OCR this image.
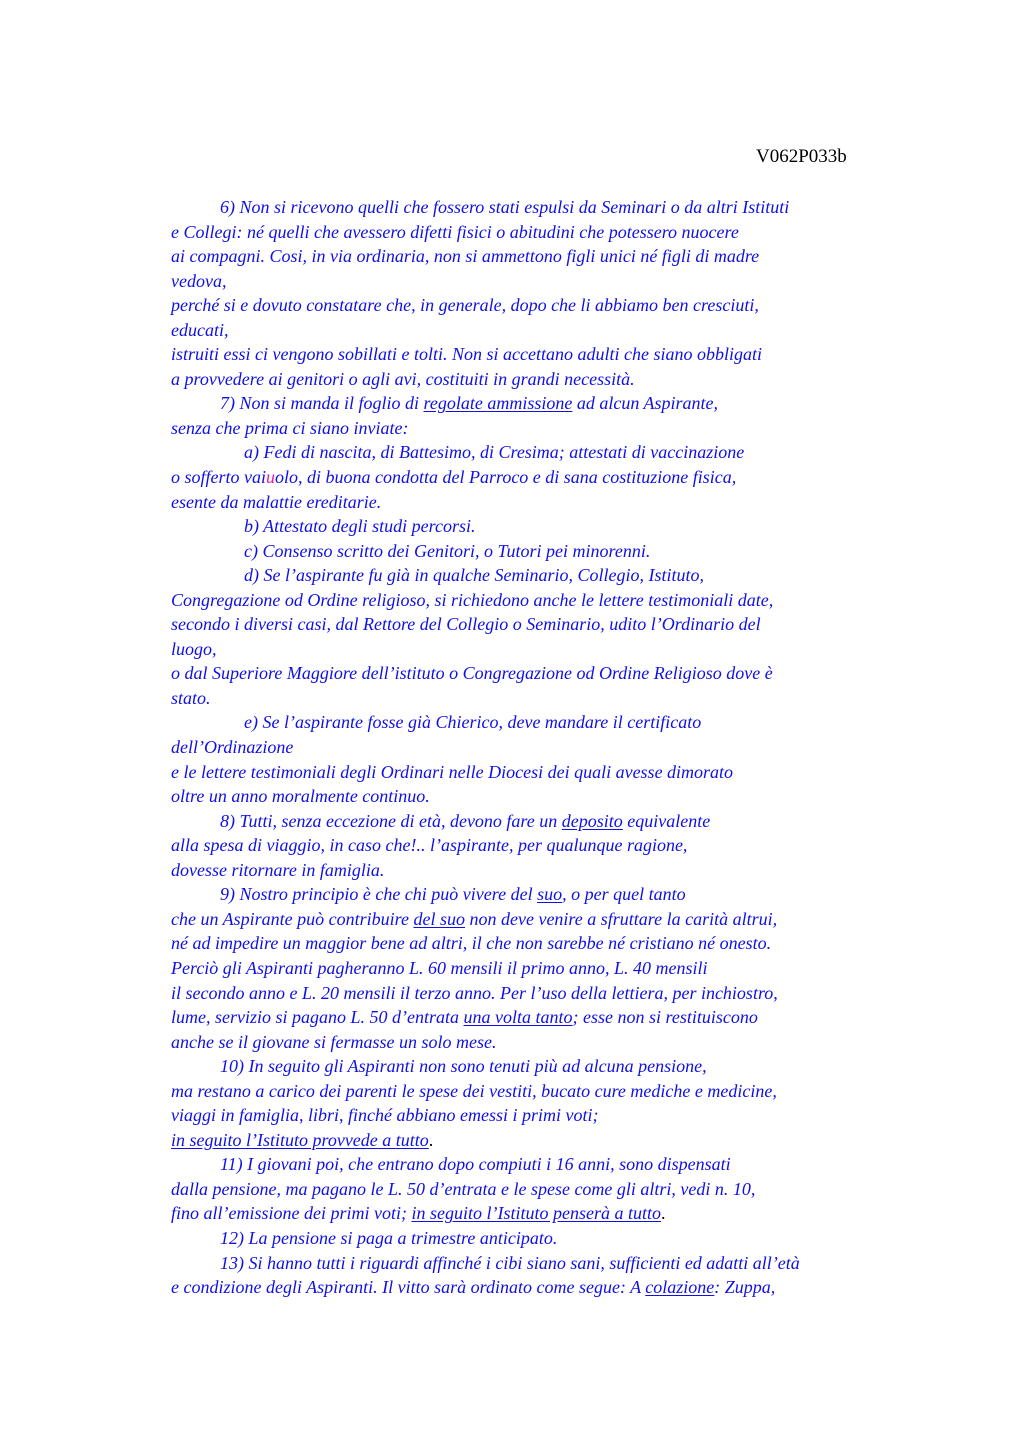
V062P033b
6) Non si ricevono quelli che fossero stati espulsi da Seminari o da altri Istituti
e Collegi: né quelli che avessero difetti fisici o abitudini che potessero nuocere
ai compagni. Cosi, in via ordinaria, non si ammettono figli unici né figli di madre
vedova,
perché si e dovuto constatare che, in generale, dopo che li abbiamo ben cresciuti,
educati,
istruiti essi ci vengono sobillati e tolti. Non si accettano adulti che siano obbligati
a provvedere ai genitori o agli avi, costituiti in grandi necessità.
7) Non si manda il foglio di regolate ammissione ad alcun Aspirante,
senza che prima ci siano inviate:
a) Fedi di nascita, di Battesimo, di Cresima; attestati di vaccinazione
o sofferto vaiuolo, di buona condotta del Parroco e di sana costituzione fisica,
esente da malattie ereditarie.
b) Attestato degli studi percorsi.
c) Consenso scritto dei Genitori, o Tutori pei minorenni.
d) Se l’aspirante fu già in qualche Seminario, Collegio, Istituto,
Congregazione od Ordine religioso, si richiedono anche le lettere testimoniali date,
secondo i diversi casi, dal Rettore del Collegio o Seminario, udito l’Ordinario del
luogo,
o dal Superiore Maggiore dell’istituto o Congregazione od Ordine Religioso dove è
stato.
e) Se l’aspirante fosse già Chierico, deve mandare il certificato
dell’Ordinazione
e le lettere testimoniali degli Ordinari nelle Diocesi dei quali avesse dimorato
oltre un anno moralmente continuo.
8) Tutti, senza eccezione di età, devono fare un deposito equivalente
alla spesa di viaggio, in caso che!.. l’aspirante, per qualunque ragione,
dovesse ritornare in famiglia.
9) Nostro principio è che chi può vivere del suo, o per quel tanto
che un Aspirante può contribuire del suo non deve venire a sfruttare la carità altrui,
né ad impedire un maggior bene ad altri, il che non sarebbe né cristiano né onesto.
Perciò gli Aspiranti pagheranno L. 60 mensili il primo anno, L. 40 mensili
il secondo anno e L. 20 mensili il terzo anno. Per l’uso della lettiera, per inchiostro,
lume, servizio si pagano L. 50 d’entrata una volta tanto; esse non si restituiscono
anche se il giovane si fermasse un solo mese.
10) In seguito gli Aspiranti non sono tenuti più ad alcuna pensione,
ma restano a carico dei parenti le spese dei vestiti, bucato cure mediche e medicine,
viaggi in famiglia, libri, finché abbiano emessi i primi voti;
in seguito l’Istituto provvede a tutto.
11) I giovani poi, che entrano dopo compiuti i 16 anni, sono dispensati
dalla pensione, ma pagano le L. 50 d’entrata e le spese come gli altri, vedi n. 10,
fino all’emissione dei primi voti; in seguito l’Istituto penserà a tutto.
12) La pensione si paga a trimestre anticipato.
13) Si hanno tutti i riguardi affinché i cibi siano sani, sufficienti ed adatti all’età
e condizione degli Aspiranti. Il vitto sarà ordinato come segue: A colazione: Zuppa,
